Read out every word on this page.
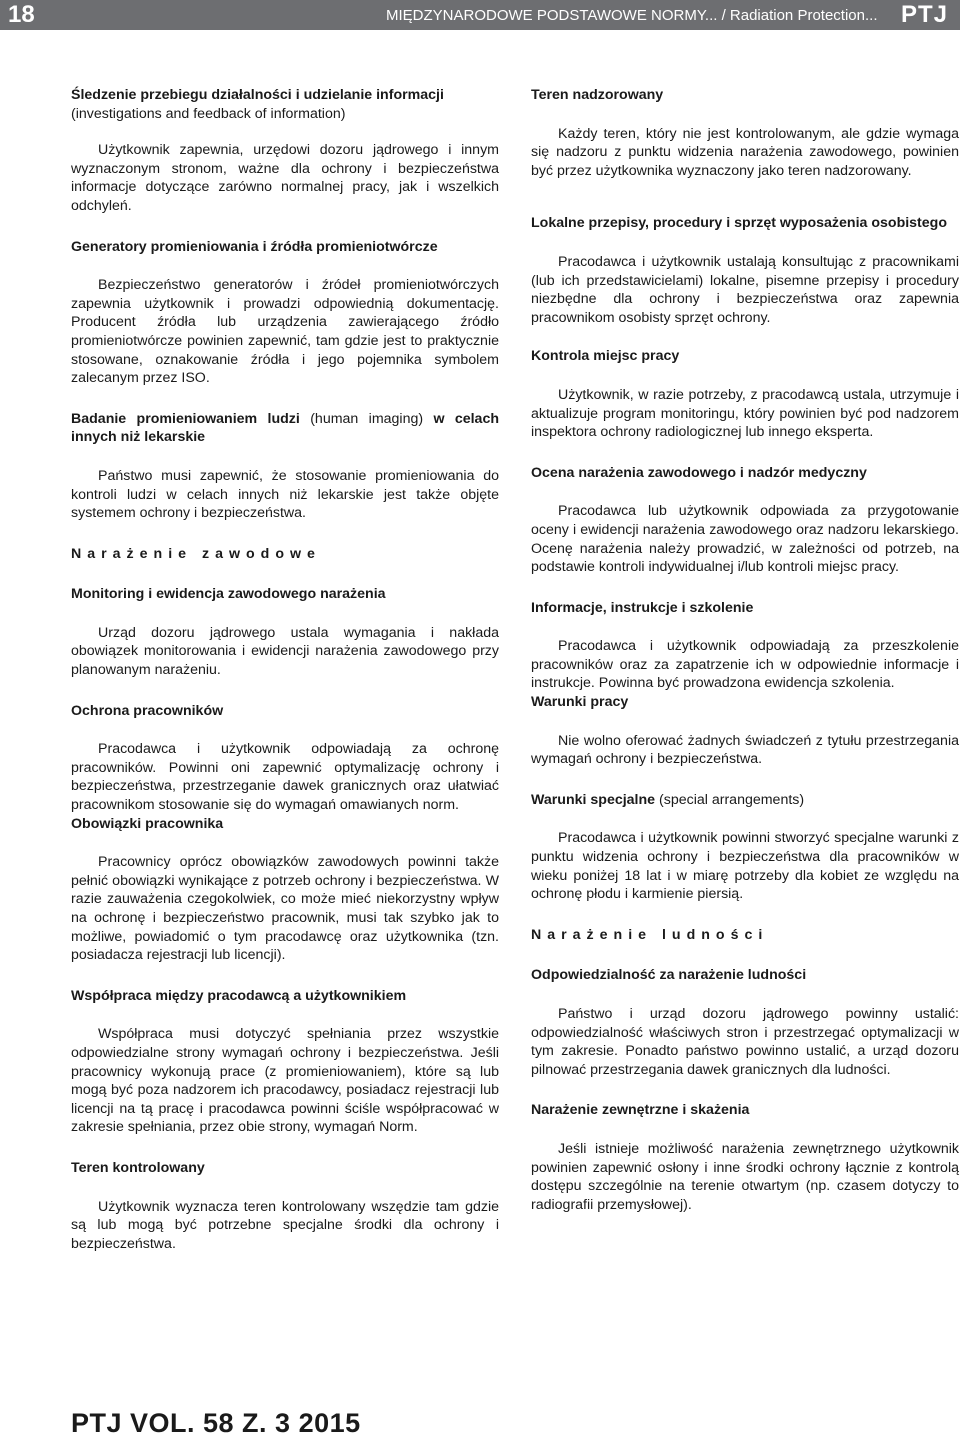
18	MIĘDZYNARODOWE PODSTAWOWE NORMY... / Radiation Protection... PTJ
Śledzenie przebiegu działalności i udzielanie informacji
(investigations and feedback of information)

Użytkownik zapewnia, urzędowi dozoru jądrowego i innym wyznaczonym stronom, ważne dla ochrony i bezpieczeństwa informacje dotyczące zarówno normalnej pracy, jak i wszelkich odchyleń.

Generatory promieniowania i źródła promieniotwórcze

Bezpieczeństwo generatorów i źródeł promieniotwórczych zapewnia użytkownik i prowadzi odpowiednią dokumentację. Producent źródła lub urządzenia zawierającego źródło promieniotwórcze powinien zapewnić, tam gdzie jest to praktycznie stosowane, oznakowanie źródła i jego pojemnika symbolem zalecanym przez ISO.

Badanie promieniowaniem ludzi (human imaging) w celach innych niż lekarskie

Państwo musi zapewnić, że stosowanie promieniowania do kontroli ludzi w celach innych niż lekarskie jest także objęte systemem ochrony i bezpieczeństwa.

Narażenie zawodowe
Monitoring i ewidencja zawodowego narażenia

Urząd dozoru jądrowego ustala wymagania i nakłada obowiązek monitorowania i ewidencji narażenia zawodowego przy planowanym narażeniu.

Ochrona pracowników

Pracodawca i użytkownik odpowiadają za ochronę pracowników. Powinni oni zapewnić optymalizację ochrony i bezpieczeństwa, przestrzeganie dawek granicznych oraz ułatwiać pracownikom stosowanie się do wymagań omawianych norm.

Obowiązki pracownika

Pracownicy oprócz obowiązków zawodowych powinni także pełnić obowiązki wynikające z potrzeb ochrony i bezpieczeństwa. W razie zauważenia czegokolwiek, co może mieć niekorzystny wpływ na ochronę i bezpieczeństwo pracownik, musi tak szybko jak to możliwe, powiadomić o tym pracodawcę oraz użytkownika (tzn. posiadacza rejestracji lub licencji).

Współpraca między pracodawcą a użytkownikiem

Współpraca musi dotyczyć spełniania przez wszystkie odpowiedzialne strony wymagań ochrony i bezpieczeństwa. Jeśli pracownicy wykonują prace (z promieniowaniem), które są lub mogą być poza nadzorem ich pracodawcy, posiadacz rejestracji lub licencji na tą pracę i pracodawca powinni ściśle współpracować w zakresie spełniania, przez obie strony, wymagań Norm.

Teren kontrolowany

Użytkownik wyznacza teren kontrolowany wszędzie tam gdzie są lub mogą być potrzebne specjalne środki dla ochrony i bezpieczeństwa.

Teren nadzorowany

Każdy teren, który nie jest kontrolowanym, ale gdzie wymaga się nadzoru z punktu widzenia narażenia zawodowego, powinien być przez użytkownika wyznaczony jako teren nadzorowany.

Lokalne przepisy, procedury i sprzęt wyposażenia osobistego

Pracodawca i użytkownik ustalają konsultując z pracownikami (lub ich przedstawicielami) lokalne, pisemne przepisy i procedury niezbędne dla ochrony i bezpieczeństwa oraz zapewnia pracownikom osobisty sprzęt ochrony.

Kontrola miejsc pracy

Użytkownik, w razie potrzeby, z pracodawcą ustala, utrzymuje i aktualizuje program monitoringu, który powinien być pod nadzorem inspektora ochrony radiologicznej lub innego eksperta.

Ocena narażenia zawodowego i nadzór medyczny

Pracodawca lub użytkownik odpowiada za przygotowanie oceny i ewidencji narażenia zawodowego oraz nadzoru lekarskiego. Ocenę narażenia należy prowadzić, w zależności od potrzeb, na podstawie kontroli indywidualnej i/lub kontroli miejsc pracy.

Informacje, instrukcje i szkolenie

Pracodawca i użytkownik odpowiadają za przeszkolenie pracowników oraz za zapatrzenie ich w odpowiednie informacje i instrukcje. Powinna być prowadzona ewidencja szkolenia.

Warunki pracy

Nie wolno oferować żadnych świadczeń z tytułu przestrzegania wymagań ochrony i bezpieczeństwa.

Warunki specjalne (special arrangements)

Pracodawca i użytkownik powinni stworzyć specjalne warunki z punktu widzenia ochrony i bezpieczeństwa dla pracowników w wieku poniżej 18 lat i w miarę potrzeby dla kobiet ze względu na ochronę płodu i karmienie piersią.

Narażenie ludności
Odpowiedzialność za narażenie ludności

Państwo i urząd dozoru jądrowego powinny ustalić: odpowiedzialność właściwych stron i przestrzegać optymalizacji w tym zakresie. Ponadto państwo powinno ustalić, a urząd dozoru pilnować przestrzegania dawek granicznych dla ludności.

Narażenie zewnętrzne i skażenia

Jeśli istnieje możliwość narażenia zewnętrznego użytkownik powinien zapewnić osłony i inne środki ochrony łącznie z kontrolą dostępu szczególnie na terenie otwartym (np. czasem dotyczy to radiografii przemysłowej).

PTJ VOL. 58 Z. 3 2015
